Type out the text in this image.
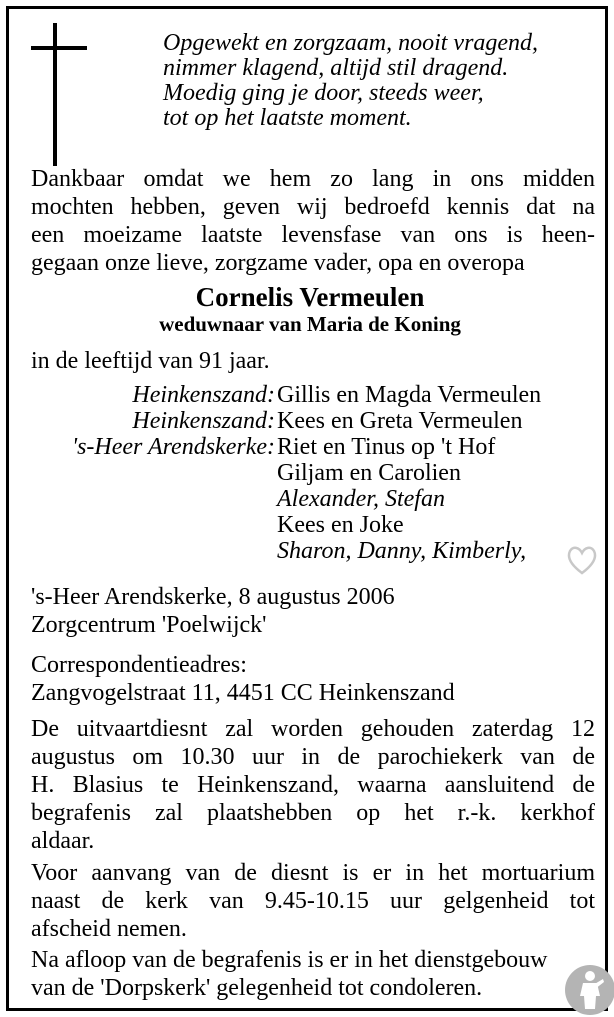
Opgewekt en zorgzaam, nooit vragend,
nimmer klagend, altijd stil dragend.
Moedig ging je door, steeds weer,
tot op het laatste moment.
Dankbaar omdat we hem zo lang in ons midden
mochten hebben, geven wij bedroefd kennis dat na
een moeizame laatste levensfase van ons is heen-
gegaan onze lieve, zorgzame vader, opa en overopa
Cornelis Vermeulen
weduwnaar van Maria de Koning
in de leeftijd van 91 jaar.
Heinkenszand: Gillis en Magda Vermeulen
Heinkenszand: Kees en Greta Vermeulen
's-Heer Arendskerke: Riet en Tinus op 't Hof
Giljam en Carolien
Alexander, Stefan
Kees en Joke
Sharon, Danny, Kimberly,
's-Heer Arendskerke, 8 augustus 2006
Zorgcentrum 'Poelwijck'
Correspondentieadres:
Zangvogelstraat 11, 4451 CC Heinkenszand
De uitvaartdiesnt zal worden gehouden zaterdag 12
augustus om 10.30 uur in de parochiekerk van de
H. Blasius te Heinkenszand, waarna aansluitend de
begrafenis zal plaatshebben op het r.-k. kerkhof
aldaar.
Voor aanvang van de diesnt is er in het mortuarium
naast de kerk van 9.45-10.15 uur gelgenheid tot
afscheid nemen.
Na afloop van de begrafenis is er in het dienstgebouw
van de 'Dorpskerk' gelegenheid tot condoleren.
